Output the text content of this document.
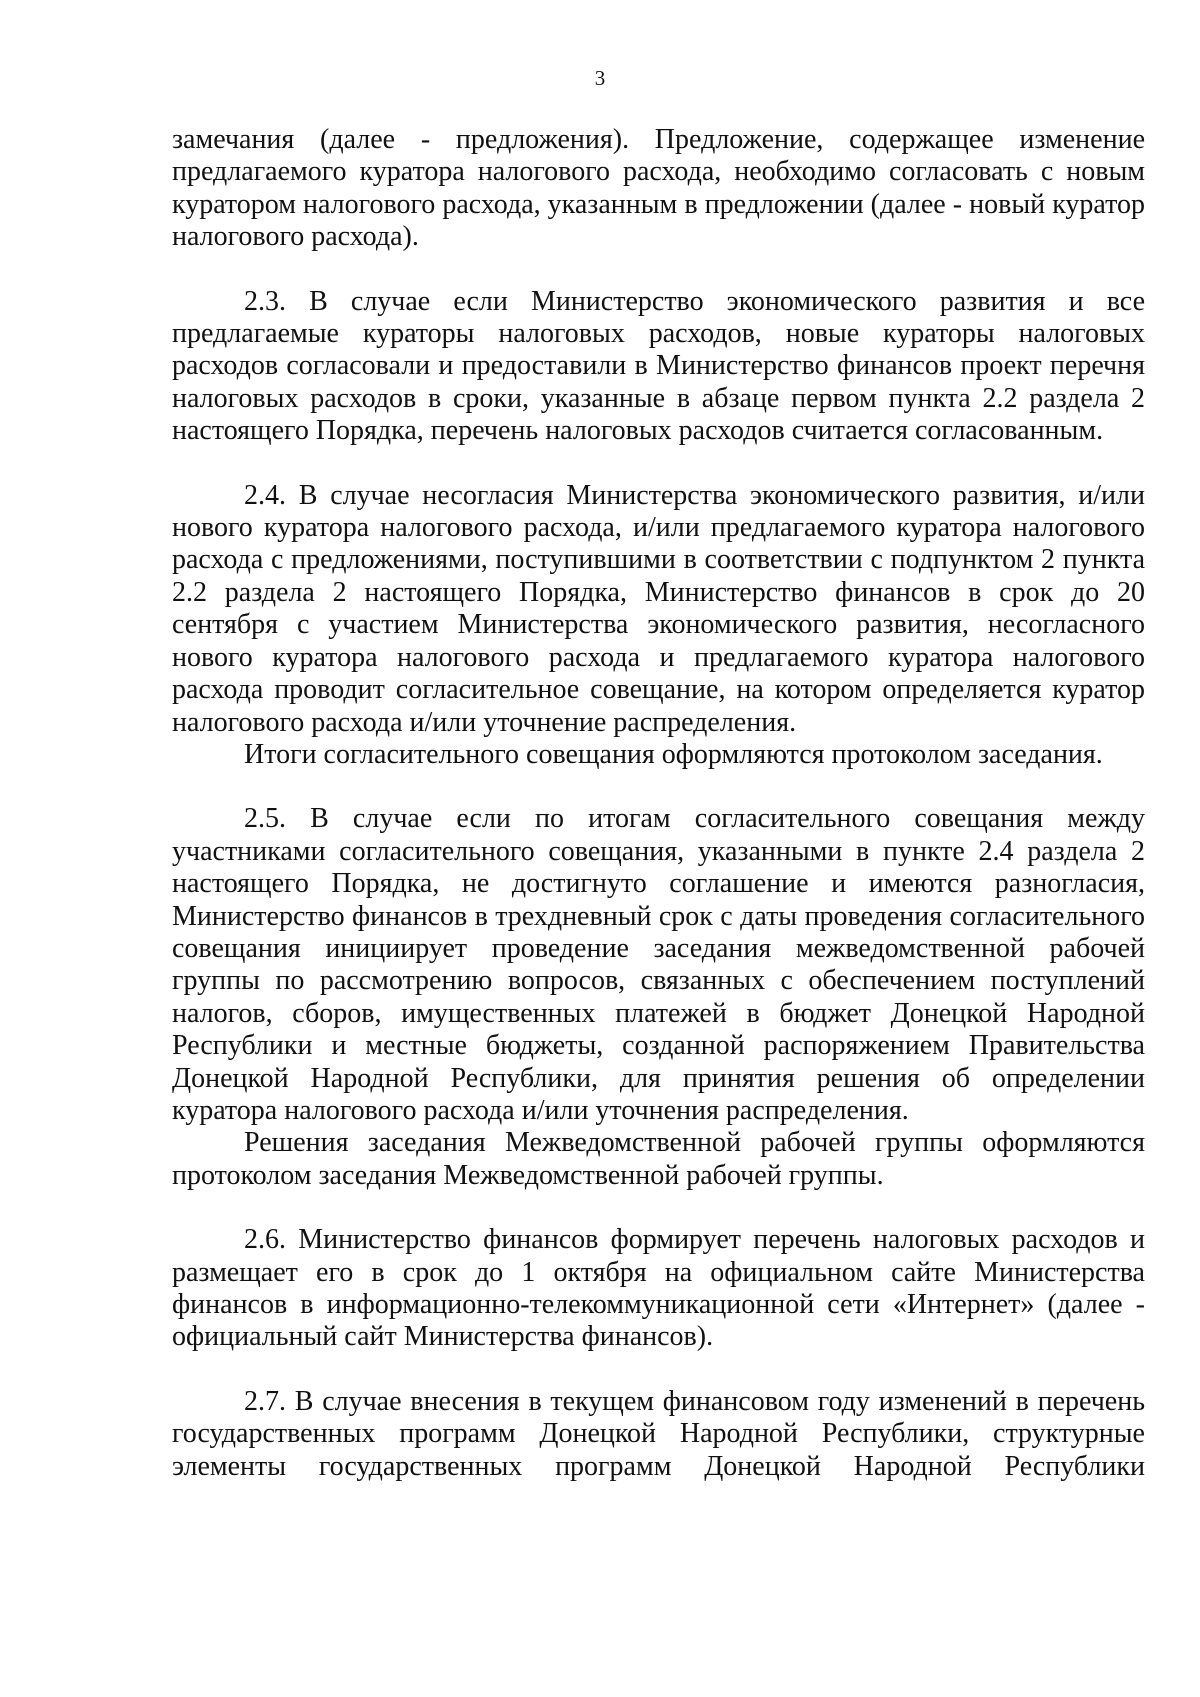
3

замечания (далее - предложения). Предложение, содержащее изменение предлагаемого куратора налогового расхода, необходимо согласовать с новым куратором налогового расхода, указанным в предложении (далее - новый куратор налогового расхода).

2.3. В случае если Министерство экономического развития и все предлагаемые кураторы налоговых расходов, новые кураторы налоговых расходов согласовали и предоставили в Министерство финансов проект перечня налоговых расходов в сроки, указанные в абзаце первом пункта 2.2 раздела 2 настоящего Порядка, перечень налоговых расходов считается согласованным.

2.4. В случае несогласия Министерства экономического развития, и/или нового куратора налогового расхода, и/или предлагаемого куратора налогового расхода с предложениями, поступившими в соответствии с подпунктом 2 пункта 2.2 раздела 2 настоящего Порядка, Министерство финансов в срок до 20 сентября с участием Министерства экономического развития, несогласного нового куратора налогового расхода и предлагаемого куратора налогового расхода проводит согласительное совещание, на котором определяется куратор налогового расхода и/или уточнение распределения.

Итоги согласительного совещания оформляются протоколом заседания.

2.5. В случае если по итогам согласительного совещания между участниками согласительного совещания, указанными в пункте 2.4 раздела 2 настоящего Порядка, не достигнуто соглашение и имеются разногласия, Министерство финансов в трехдневный срок с даты проведения согласительного совещания инициирует проведение заседания межведомственной рабочей группы по рассмотрению вопросов, связанных с обеспечением поступлений налогов, сборов, имущественных платежей в бюджет Донецкой Народной Республики и местные бюджеты, созданной распоряжением Правительства Донецкой Народной Республики, для принятия решения об определении куратора налогового расхода и/или уточнения распределения.

Решения заседания Межведомственной рабочей группы оформляются протоколом заседания Межведомственной рабочей группы.

2.6. Министерство финансов формирует перечень налоговых расходов и размещает его в срок до 1 октября на официальном сайте Министерства финансов в информационно-телекоммуникационной сети «Интернет» (далее - официальный сайт Министерства финансов).

2.7. В случае внесения в текущем финансовом году изменений в перечень государственных программ Донецкой Народной Республики, структурные элементы государственных программ Донецкой Народной Республики
